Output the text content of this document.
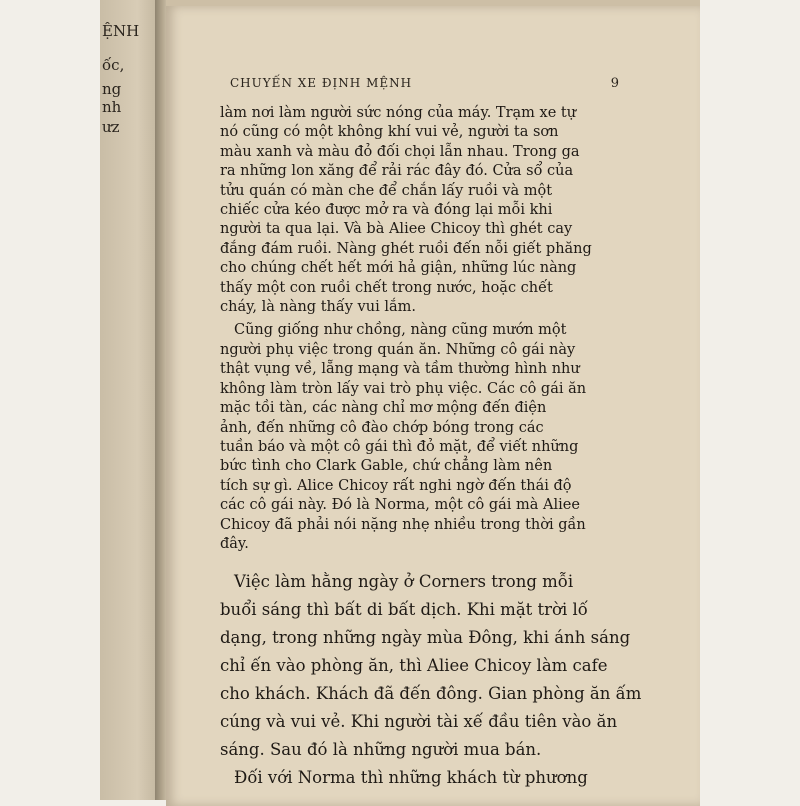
ỆNH
ốc,
ng
nh
ưz
CHUYẾN XE ĐỊNH MỆNH	9
làm nơi làm người sức nóng của máy. Trạm xe tự
nó cũng có một không khí vui vẻ, người ta sơn
màu xanh và màu đỏ đối chọi lẫn nhau. Trong ga
ra những lon xăng để rải rác đây đó. Cửa sổ của
tửu quán có màn che để chắn lấy ruồi và một
chiếc cửa kéo được mở ra và đóng lại mỗi khi
người ta qua lại. Và bà Aliee Chicoy thì ghét cay
đắng đám ruồi. Nàng ghét ruồi đến nỗi giết phăng
cho chúng chết hết mới hả giận, những lúc nàng
thấy một con ruồi chết trong nước, hoặc chết
cháy, là nàng thấy vui lắm.
Cũng giống như chồng, nàng cũng mướn một
người phụ việc trong quán ăn. Những cô gái này
thật vụng về, lẵng mạng và tầm thường hình như
không làm tròn lấy vai trò phụ việc. Các cô gái ăn
mặc tồi tàn, các nàng chỉ mơ mộng đến điện
ảnh, đến những cô đào chớp bóng trong các
tuần báo và một cô gái thì đỏ mặt, để viết những
bức tình cho Clark Gable, chứ chẳng làm nên
tích sự gì. Alice Chicoy rất nghi ngờ đến thái độ
các cô gái này. Đó là Norma, một cô gái mà Aliee
Chicoy đã phải nói nặng nhẹ nhiều trong thời gần
đây.
Việc làm hằng ngày ở Corners trong mỗi
buổi sáng thì bất di bất dịch. Khi mặt trời lố
dạng, trong những ngày mùa Đông, khi ánh sáng
chỉ ến vào phòng ăn, thì Aliee Chicoy làm cafe
cho khách. Khách đã đến đông. Gian phòng ăn ấm
cúng và vui vẻ. Khi người tài xế đầu tiên vào ăn
sáng. Sau đó là những người mua bán.
Đối với Norma thì những khách từ phương
